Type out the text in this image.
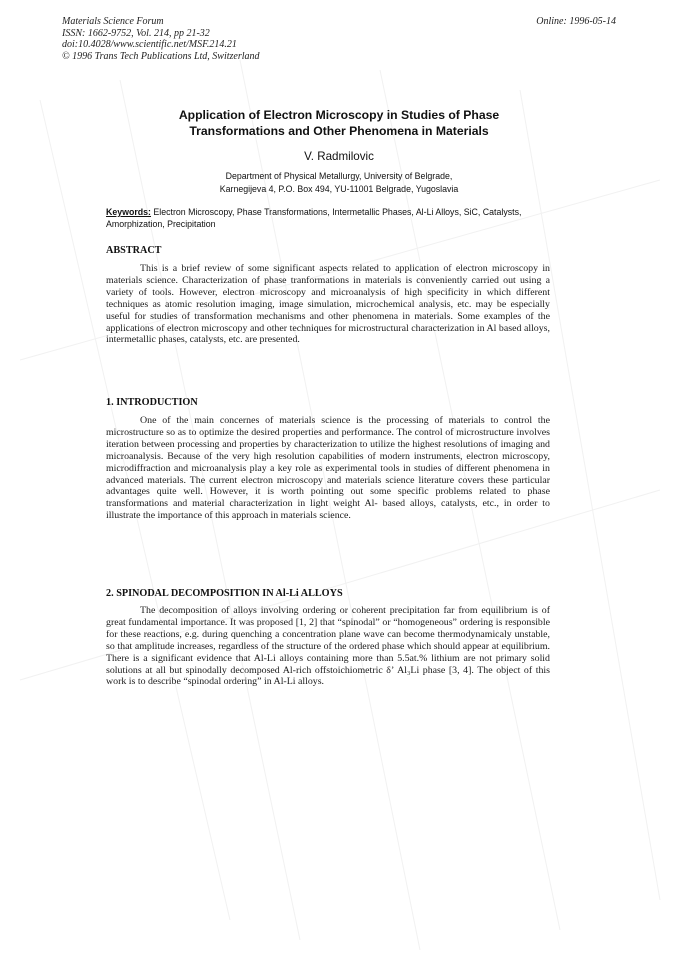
Materials Science Forum
ISSN: 1662-9752, Vol. 214, pp 21-32
doi:10.4028/www.scientific.net/MSF.214.21
© 1996 Trans Tech Publications Ltd, Switzerland
Online: 1996-05-14
Application of Electron Microscopy in Studies of Phase
Transformations and Other Phenomena in Materials
V. Radmilovic
Department of Physical Metallurgy, University of Belgrade,
Karnegijeva 4, P.O. Box 494, YU-11001 Belgrade, Yugoslavia
Keywords: Electron Microscopy, Phase Transformations, Intermetallic Phases, Al-Li Alloys, SiC, Catalysts, Amorphization, Precipitation
ABSTRACT

This is a brief review of some significant aspects related to application of electron microscopy in materials science. Characterization of phase tranformations in materials is conveniently carried out using a variety of tools. However, electron microscopy and microanalysis of high specificity in which different techniques as atomic resolution imaging, image simulation, microchemical analysis, etc. may be especially useful for studies of transformation mechanisms and other phenomena in materials. Some examples of the applications of electron microscopy and other techniques for microstructural characterization in Al based alloys, intermetallic phases, catalysts, etc. are presented.

1. INTRODUCTION

One of the main concernes of materials science is the processing of materials to control the microstructure so as to optimize the desired properties and performance. The control of microstructure involves iteration between processing and properties by characterization to utilize the highest resolutions of imaging and microanalysis. Because of the very high resolution capabilities of modern instruments, electron microscopy, microdiffraction and microanalysis play a key role as experimental tools in studies of different phenomena in advanced materials. The current electron microscopy and materials science literature covers these particular advantages quite well. However, it is worth pointing out some specific problems related to phase transformations and material characterization in light weight Al- based alloys, catalysts, etc., in order to illustrate the importance of this approach in materials science.

2. SPINODAL DECOMPOSITION IN Al-Li ALLOYS

The decomposition of alloys involving ordering or coherent precipitation far from equilibrium is of great fundamental importance. It was proposed [1, 2] that “spinodal” or “homogeneous” ordering is responsible for these reactions, e.g. during quenching a concentration plane wave can become thermodynamicaly unstable, so that amplitude increases, regardless of the structure of the ordered phase which should appear at equilibrium. There is a significant evidence that Al-Li alloys containing more than 5.5at.% lithium are not primary solid solutions at all but spinodally decomposed Al-rich offstoichiometric δ’ Al₃Li phase [3, 4]. The object of this work is to describe “spinodal ordering” in Al-Li alloys.
